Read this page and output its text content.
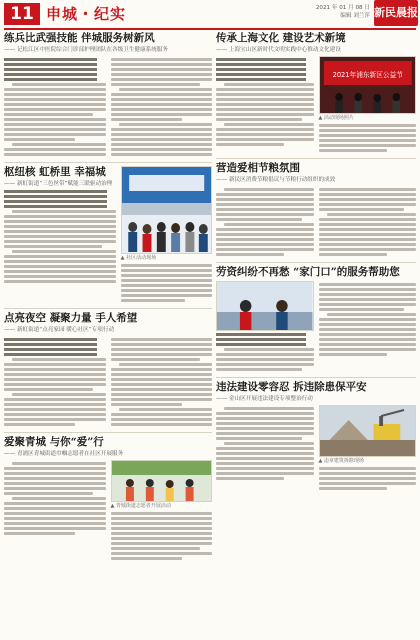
11 申城・纪实	2021 年 01 月 08 日
编辑 刘兰萍 新民晨报
练兵比武强技能 伴城服务树新风
—— 记松江区中医院综合门诊部护理团队在各级卫生健康系统服务
枢纽核 虹桥里 幸福城
—— 新虹街道“三色丝带”赋能三联驱动治理
▲ 社区活动现场
点亮夜空 凝聚力量 手人希望
—— 新虹街道“点亮家园 暖心社区”专项行动
爱聚青城 与你“爱”行
—— 青浦区青城街道巾帼志愿者在社区开展服务
▲ 青城街道志愿者开展活动
传承上海文化 建设艺术新境
—— 上海宝山区新时代文明实践中心推动文化建设
2021年浦东新区公益节
▲ 活动现场照片
营造爱相节粮氛围
—— 新民区消费节粮倡议与节粮行动组织的成效
劳资纠纷不再愁 “家门口”的服务帮助您
违法建设零容忍 拆违除患保平安
—— 金山区开展违法建设专项整治行动
▲ 违章建筑拆除现场
